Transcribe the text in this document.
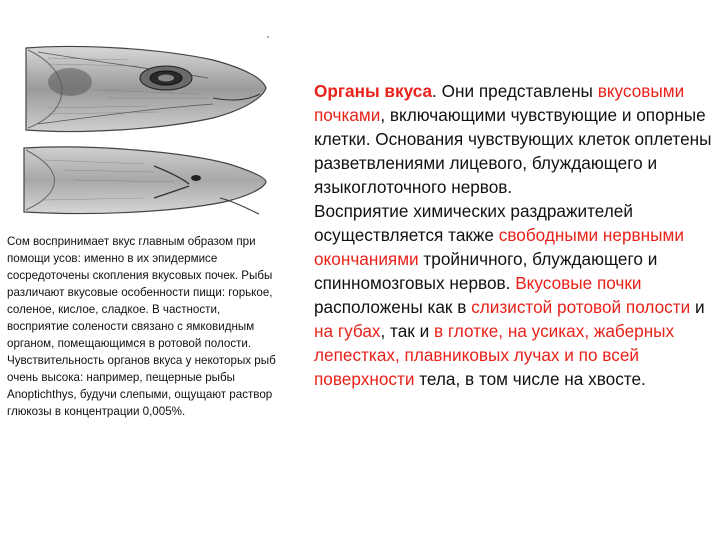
Сом воспринимает вкус главным образом при помощи усов: именно в их эпидермисе сосредоточены скопления вкусовых почек. Рыбы различают вкусовые особенности пищи: горькое, соленое, кислое, сладкое. В частности, восприятие солености связано с ямковидным органом, помещающимся в ротовой полости.
Чувствительность органов вкуса у некоторых рыб очень высока: например, пещерные рыбы Anoptichthys, будучи слепыми, ощущают раствор глюкозы в концентрации 0,005%.

Органы вкуса. Они представлены вкусовыми почками, включающими чувствующие и опорные клетки. Основания чувствующих клеток оплетены разветвлениями лицевого, блуждающего и языкоглоточного нервов.

Восприятие химических раздражителей осуществляется также свободными нервными окончаниями тройничного, блуждающего и спинномозговых нервов. Вкусовые почки расположены как в слизистой ротовой полости и на губах, так и в глотке, на усиках, жаберных лепестках, плавниковых лучах и по всей поверхности тела, в том числе на хвосте.
